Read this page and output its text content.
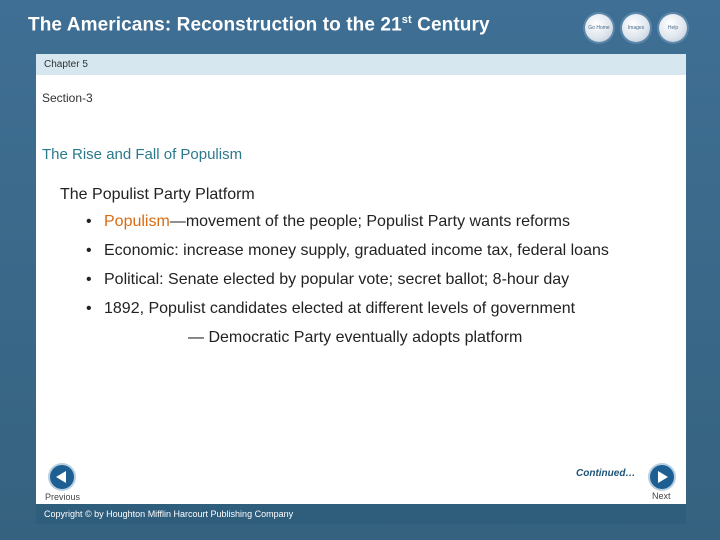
The Americans: Reconstruction to the 21st Century	Go Home	Images	Help
Chapter 5
Section-3
The Rise and Fall of Populism

The Populist Party Platform

• Populism—movement of the people; Populist Party wants reforms
• Economic: increase money supply, graduated income tax, federal loans
• Political: Senate elected by popular vote; secret ballot; 8-hour day
• 1892, Populist candidates elected at different levels of government
— Democratic Party eventually adopts platform
Continued…
Previous	Next
Copyright © by Houghton Mifflin Harcourt Publishing Company
